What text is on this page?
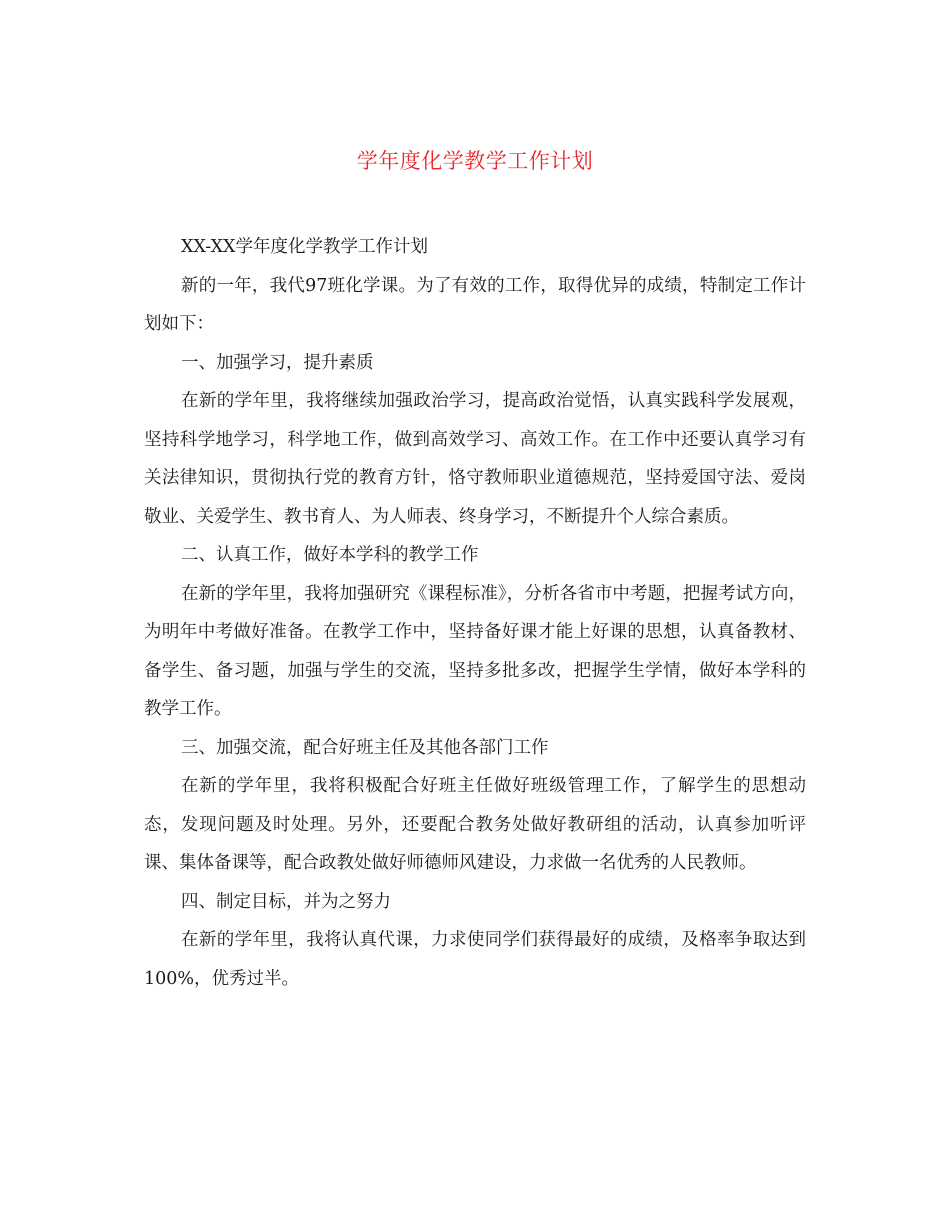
学年度化学教学工作计划

XX-XX学年度化学教学工作计划

新的一年，我代97班化学课。为了有效的工作，取得优异的成绩，特制定工作计划如下：

一、加强学习，提升素质

在新的学年里，我将继续加强政治学习，提高政治觉悟，认真实践科学发展观，坚持科学地学习，科学地工作，做到高效学习、高效工作。在工作中还要认真学习有关法律知识，贯彻执行党的教育方针，恪守教师职业道德规范，坚持爱国守法、爱岗敬业、关爱学生、教书育人、为人师表、终身学习，不断提升个人综合素质。

二、认真工作，做好本学科的教学工作

在新的学年里，我将加强研究《课程标准》，分析各省市中考题，把握考试方向，为明年中考做好准备。在教学工作中，坚持备好课才能上好课的思想，认真备教材、备学生、备习题，加强与学生的交流，坚持多批多改，把握学生学情，做好本学科的教学工作。

三、加强交流，配合好班主任及其他各部门工作

在新的学年里，我将积极配合好班主任做好班级管理工作，了解学生的思想动态，发现问题及时处理。另外，还要配合教务处做好教研组的活动，认真参加听评课、集体备课等，配合政教处做好师德师风建设，力求做一名优秀的人民教师。

四、制定目标，并为之努力

在新的学年里，我将认真代课，力求使同学们获得最好的成绩，及格率争取达到100%，优秀过半。
